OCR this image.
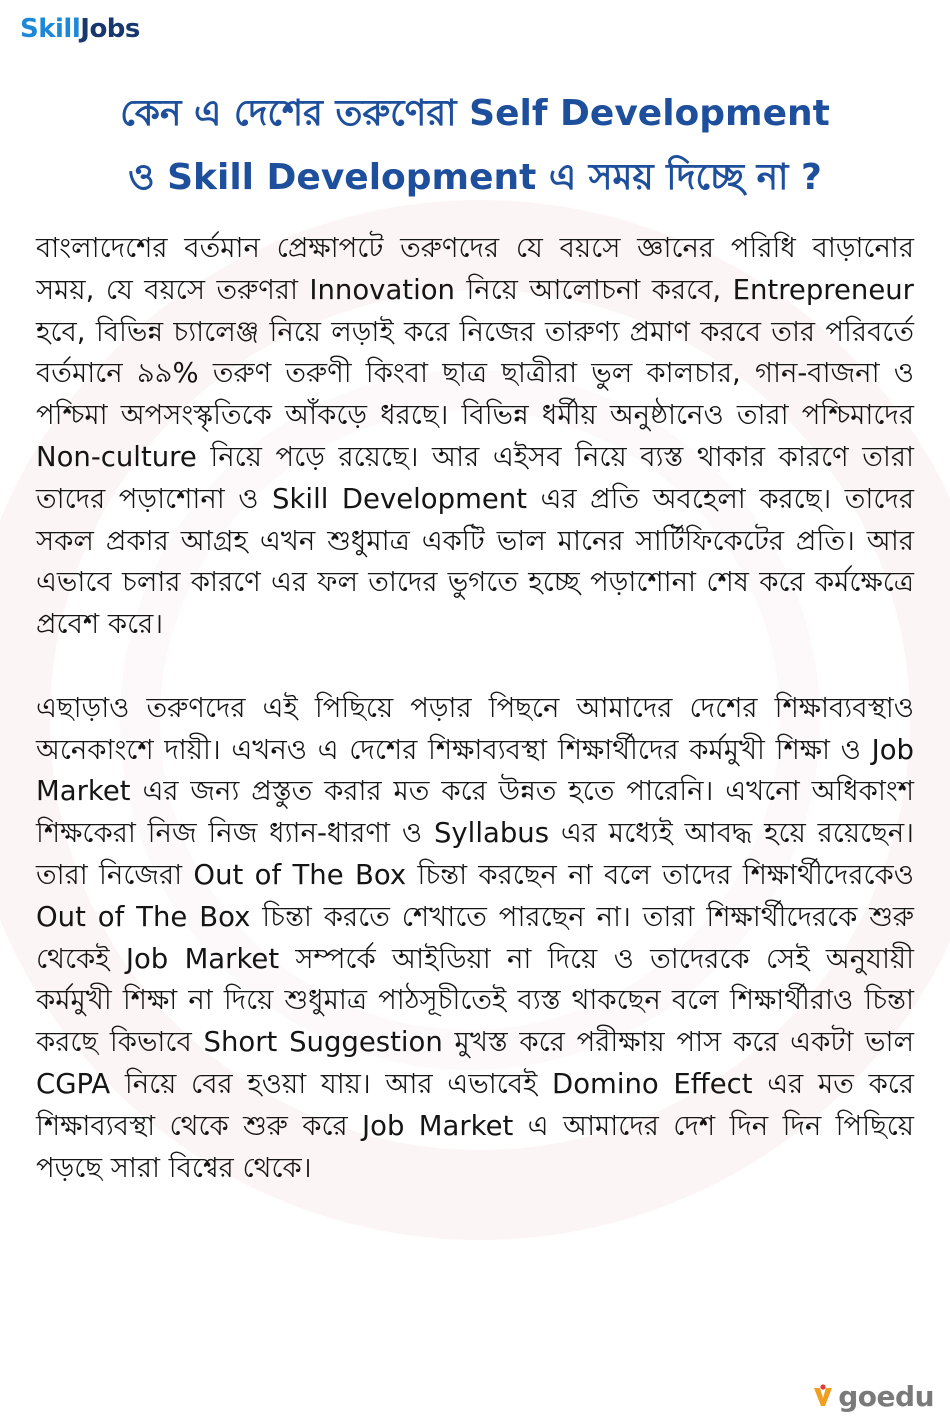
Skill Jobs
কেন এ দেশের তরুণেরা Self Development
ও Skill Development এ সময় দিচ্ছে না ?

বাংলাদেশের বর্তমান প্রেক্ষাপটে তরুণদের যে বয়সে জ্ঞানের পরিধি বাড়ানোর সময়, যে বয়সে তরুণরা Innovation নিয়ে আলোচনা করবে, Entrepreneur হবে, বিভিন্ন চ্যালেঞ্জ নিয়ে লড়াই করে নিজের তারুণ্য প্রমাণ করবে তার পরিবর্তে বর্তমানে ৯৯% তরুণ তরুণী কিংবা ছাত্র ছাত্রীরা ভুল কালচার, গান-বাজনা ও পশ্চিমা অপসংস্কৃতিকে আঁকড়ে ধরছে। বিভিন্ন ধর্মীয় অনুষ্ঠানেও তারা পশ্চিমাদের Non-culture নিয়ে পড়ে রয়েছে। আর এইসব নিয়ে ব্যস্ত থাকার কারণে তারা তাদের পড়াশোনা ও Skill Development এর প্রতি অবহেলা করছে। তাদের সকল প্রকার আগ্রহ এখন শুধুমাত্র একটি ভাল মানের সার্টিফিকেটের প্রতি। আর এভাবে চলার কারণে এর ফল তাদের ভুগতে হচ্ছে পড়াশোনা শেষ করে কর্মক্ষেত্রে প্রবেশ করে।

এছাড়াও তরুণদের এই পিছিয়ে পড়ার পিছনে আমাদের দেশের শিক্ষাব্যবস্থাও অনেকাংশে দায়ী। এখনও এ দেশের শিক্ষাব্যবস্থা শিক্ষার্থীদের কর্মমুখী শিক্ষা ও Job Market এর জন্য প্রস্তুত করার মত করে উন্নত হতে পারেনি। এখনো অধিকাংশ শিক্ষকেরা নিজ নিজ ধ্যান-ধারণা ও Syllabus এর মধ্যেই আবদ্ধ হয়ে রয়েছেন। তারা নিজেরা Out of The Box চিন্তা করছেন না বলে তাদের শিক্ষার্থীদেরকেও Out of The Box চিন্তা করতে শেখাতে পারছেন না। তারা শিক্ষার্থীদেরকে শুরু থেকেই Job Market সম্পর্কে আইডিয়া না দিয়ে ও তাদেরকে সেই অনুযায়ী কর্মমুখী শিক্ষা না দিয়ে শুধুমাত্র পাঠসূচীতেই ব্যস্ত থাকছেন বলে শিক্ষার্থীরাও চিন্তা করছে কিভাবে Short Suggestion মুখস্ত করে পরীক্ষায় পাস করে একটা ভাল CGPA নিয়ে বের হওয়া যায়। আর এভাবেই Domino Effect এর মত করে শিক্ষাব্যবস্থা থেকে শুরু করে Job Market এ আমাদের দেশ দিন দিন পিছিয়ে পড়ছে সারা বিশ্বের থেকে।

goedu
